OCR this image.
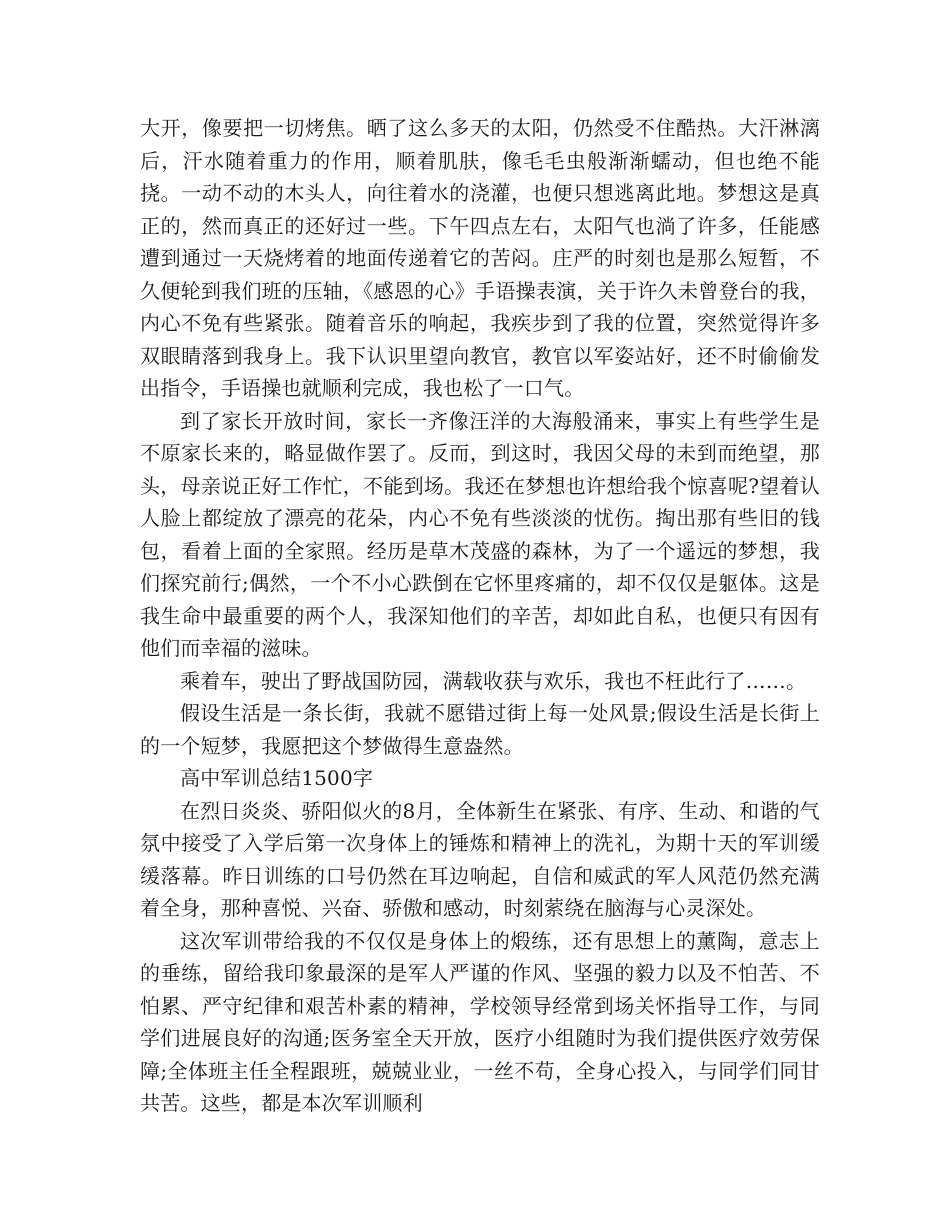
大开，像要把一切烤焦。晒了这么多天的太阳，仍然受不住酷热。大汗淋漓后，汗水随着重力的作用，顺着肌肤，像毛毛虫般渐渐蠕动，但也绝不能挠。一动不动的木头人，向往着水的浇灌，也便只想逃离此地。梦想这是真正的，然而真正的还好过一些。下午四点左右，太阳气也淌了许多，任能感遭到通过一天烧烤着的地面传递着它的苦闷。庄严的时刻也是那么短暂，不久便轮到我们班的压轴，《感恩的心》手语操表演，关于许久未曾登台的我，内心不免有些紧张。随着音乐的响起，我疾步到了我的位置，突然觉得许多双眼睛落到我身上。我下认识里望向教官，教官以军姿站好，还不时偷偷发出指令，手语操也就顺利完成，我也松了一口气。

到了家长开放时间，家长一齐像汪洋的大海般涌来，事实上有些学生是不原家长来的，略显做作罢了。反而，到这时，我因父母的未到而绝望，那头，母亲说正好工作忙，不能到场。我还在梦想也许想给我个惊喜呢?望着认人脸上都绽放了漂亮的花朵，内心不免有些淡淡的忧伤。掏出那有些旧的钱包，看着上面的全家照。经历是草木茂盛的森林，为了一个遥远的梦想，我们探究前行;偶然，一个不小心跌倒在它怀里疼痛的，却不仅仅是躯体。这是我生命中最重要的两个人，我深知他们的辛苦，却如此自私，也便只有因有他们而幸福的滋味。

乘着车，驶出了野战国防园，满载收获与欢乐，我也不枉此行了……。

假设生活是一条长街，我就不愿错过街上每一处风景;假设生活是长街上的一个短梦，我愿把这个梦做得生意盎然。

高中军训总结1500字

在烈日炎炎、骄阳似火的8月，全体新生在紧张、有序、生动、和谐的气氛中接受了入学后第一次身体上的锤炼和精神上的洗礼，为期十天的军训缓缓落幕。昨日训练的口号仍然在耳边响起，自信和威武的军人风范仍然充满着全身，那种喜悦、兴奋、骄傲和感动，时刻萦绕在脑海与心灵深处。

这次军训带给我的不仅仅是身体上的煅练，还有思想上的薰陶，意志上的垂练，留给我印象最深的是军人严谨的作风、坚强的毅力以及不怕苦、不怕累、严守纪律和艰苦朴素的精神，学校领导经常到场关怀指导工作，与同学们进展良好的沟通;医务室全天开放，医疗小组随时为我们提供医疗效劳保障;全体班主任全程跟班，兢兢业业，一丝不苟，全身心投入，与同学们同甘共苦。这些，都是本次军训顺利
